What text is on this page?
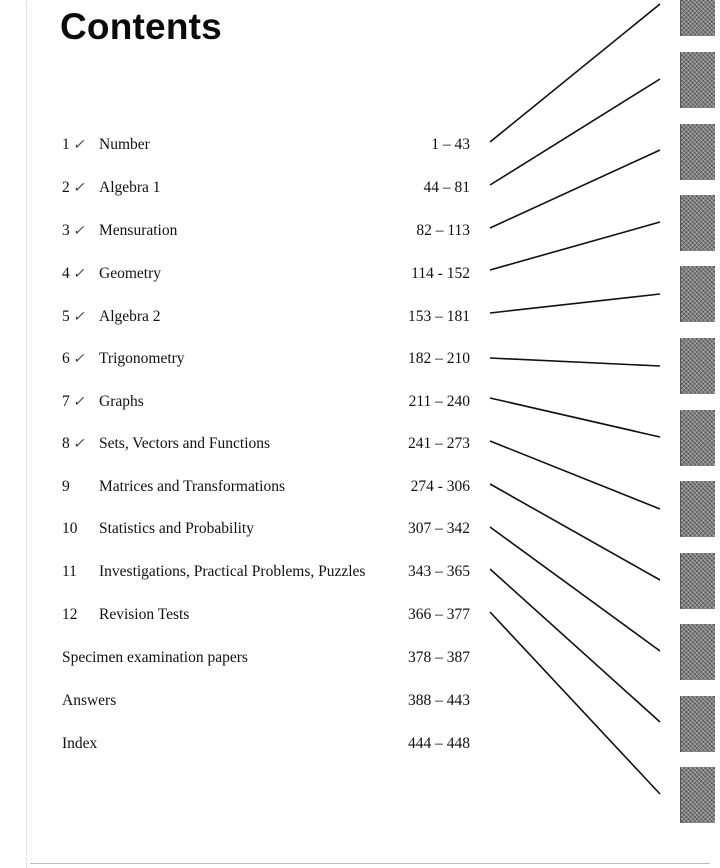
Contents
1 ✓ Number	1 – 43
2 ✓ Algebra 1	44 – 81
3 ✓ Mensuration	82 – 113
4 ✓ Geometry	114 - 152
5 ✓ Algebra 2	153 – 181
6 ✓ Trigonometry	182 – 210
7 ✓ Graphs	211 – 240
8 ✓ Sets, Vectors and Functions	241 – 273
9 Matrices and Transformations	274 - 306
10 Statistics and Probability	307 – 342
11 Investigations, Practical Problems, Puzzles	343 – 365
12 Revision Tests	366 – 377
Specimen examination papers	378 – 387
Answers	388 – 443
Index	444 – 448
